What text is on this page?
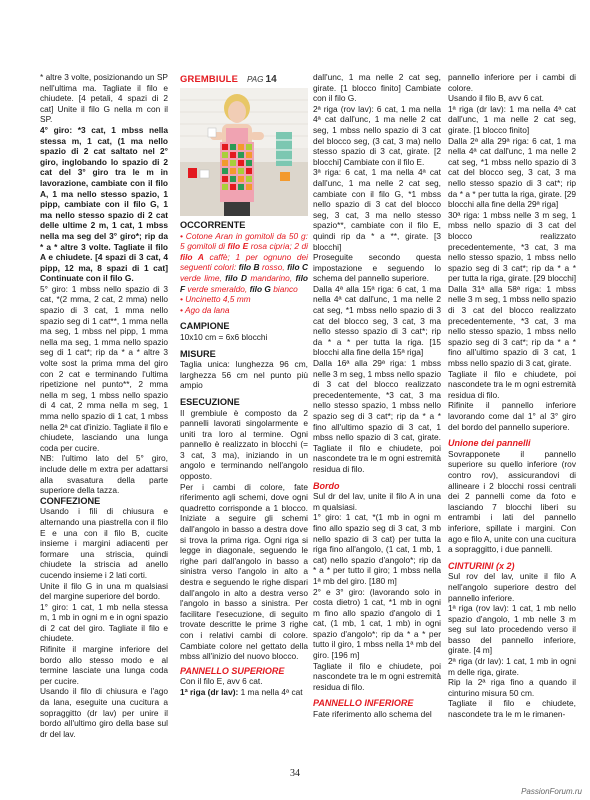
* altre 3 volte, posizionando un SP nell'ultima ma. Tagliate il filo e chiudete. [4 petali, 4 spazi di 2 cat] Unite il filo G nella m con il SP.

4° giro: *3 cat, 1 mbss nella stessa m, 1 cat, (1 ma nello spazio di 2 cat saltato nel 2° giro, inglobando lo spazio di 2 cat del 3° giro tra le m in lavorazione, cambiate con il filo A, 1 ma nello stesso spazio, 1 pipp, cambiate con il filo G, 1 ma nello stesso spazio di 2 cat delle ultime 2 m, 1 cat, 1 mbss nella ma seg del 3° giro*; rip da * a * altre 3 volte. Tagliate il filo A e chiudete. [4 spazi di 3 cat, 4 pipp, 12 ma, 8 spazi di 1 cat] Continuate con il filo G.

5° giro: 1 mbss nello spazio di 3 cat, *(2 mma, 2 cat, 2 mma) nello spazio di 3 cat, 1 mma nello spazio seg di 1 cat**, 1 mma nella ma seg, 1 mbss nel pipp, 1 mma nella ma seg, 1 mma nello spazio seg di 1 cat*; rip da * a * altre 3 volte sost la prima mma del giro con 2 cat e terminando l'ultima ripetizione nel punto**, 2 mma nella m seg, 1 mbss nello spazio di 4 cat, 2 mma nella m seg, 1 mma nello spazio di 1 cat, 1 mbss nella 2ª cat d'inizio. Tagliate il filo e chiudete, lasciando una lunga coda per cucire.

NB: l'ultimo lato del 5° giro, include delle m extra per adattarsi alla svasatura della parte superiore della tazza.

CONFEZIONE

Usando i fili di chiusura e alternando una piastrella con il filo E e una con il filo B, cucite insieme i margini adiacenti per formare una striscia, quindi chiudete la striscia ad anello cucendo insieme i 2 lati corti.

Unite il filo G in una m qualsiasi del margine superiore del bordo.

1° giro: 1 cat, 1 mb nella stessa m, 1 mb in ogni m e in ogni spazio di 2 cat del giro. Tagliate il filo e chiudete.

Rifinite il margine inferiore del bordo allo stesso modo e al termine lasciate una lunga coda per cucire.

Usando il filo di chiusura e l'ago da lana, eseguite una cucitura a sopraggitto (dr lav) per unire il bordo all'ultimo giro della base sul dr del lav.

GREMBIULE PAG 14

OCCORRENTE

• Cotone Aran in gomitoli da 50 g: 5 gomitoli di filo E rosa cipria; 2 di filo A caffè; 1 per ognuno dei seguenti colori: filo B rosso, filo C verde lime, filo D mandarino, filo F verde smeraldo, filo G bianco

• Uncinetto 4,5 mm

• Ago da lana

CAMPIONE

10x10 cm = 6x6 blocchi

MISURE

Taglia unica: lunghezza 96 cm, larghezza 56 cm nel punto più ampio

ESECUZIONE

Il grembiule è composto da 2 pannelli lavorati singolarmente e uniti tra loro al termine. Ogni pannello è realizzato in blocchi (= 3 cat, 3 ma), iniziando in un angolo e terminando nell'angolo opposto.

Per i cambi di colore, fate riferimento agli schemi, dove ogni quadretto corrisponde a 1 blocco. Iniziate a seguire gli schemi dall'angolo in basso a destra dove si trova la prima riga. Ogni riga si legge in diagonale, seguendo le righe pari dall'angolo in basso a sinistra verso l'angolo in alto a destra e seguendo le righe dispari dall'angolo in alto a destra verso l'angolo in basso a sinistra. Per facilitare l'esecuzione, di seguito trovate descritte le prime 3 righe con i relativi cambi di colore. Cambiate colore nel gettato della mbss all'inizio del nuovo blocco.

PANNELLO SUPERIORE

Con il filo E, avv 6 cat.

1ª riga (dr lav): 1 ma nella 4ª cat

dall'unc, 1 ma nelle 2 cat seg, girate. [1 blocco finito] Cambiate con il filo G.

2ª riga (rov lav): 6 cat, 1 ma nella 4ª cat dall'unc, 1 ma nelle 2 cat seg, 1 mbss nello spazio di 3 cat del blocco seg, (3 cat, 3 ma) nello stesso spazio di 3 cat, girate. [2 blocchi] Cambiate con il filo E.

3ª riga: 6 cat, 1 ma nella 4ª cat dall'unc, 1 ma nelle 2 cat seg, cambiate con il filo G, *1 mbss nello spazio di 3 cat del blocco seg, 3 cat, 3 ma nello stesso spazio**, cambiate con il filo E, quindi rip da * a **, girate. [3 blocchi]

Proseguite secondo questa impostazione e seguendo lo schema del pannello superiore.

Dalla 4ª alla 15ª riga: 6 cat, 1 ma nella 4ª cat dall'unc, 1 ma nelle 2 cat seg, *1 mbss nello spazio di 3 cat del blocco seg, 3 cat, 3 ma nello stesso spazio di 3 cat*; rip da * a * per tutta la riga. [15 blocchi alla fine della 15ª riga]

Dalla 16ª alla 29ª riga: 1 mbss nelle 3 m seg, 1 mbss nello spazio di 3 cat del blocco realizzato precedentemente, *3 cat, 3 ma nello stesso spazio, 1 mbss nello spazio seg di 3 cat*; rip da * a * fino all'ultimo spazio di 3 cat, 1 mbss nello spazio di 3 cat, girate. Tagliate il filo e chiudete, poi nascondete tra le m ogni estremità residua di filo.

Bordo

Sul dr del lav, unite il filo A in una m qualsiasi.

1° giro: 1 cat, *(1 mb in ogni m fino allo spazio seg di 3 cat, 3 mb nello spazio di 3 cat) per tutta la riga fino all'angolo, (1 cat, 1 mb, 1 cat) nello spazio d'angolo*; rip da * a * per tutto il giro; 1 mbss nella 1ª mb del giro. [180 m]

2° e 3° giro: (lavorando solo in costa dietro) 1 cat, *1 mb in ogni m fino allo spazio d'angolo di 1 cat, (1 mb, 1 cat, 1 mb) in ogni spazio d'angolo*; rip da * a * per tutto il giro, 1 mbss nella 1ª mb del giro. [196 m]

Tagliate il filo e chiudete, poi nascondete tra le m ogni estremità residua di filo.

PANNELLO INFERIORE

Fate riferimento allo schema del

pannello inferiore per i cambi di colore.

Usando il filo B, avv 6 cat.

1ª riga (dr lav): 1 ma nella 4ª cat dall'unc, 1 ma nelle 2 cat seg, girate. [1 blocco finito]

Dalla 2ª alla 29ª riga: 6 cat, 1 ma nella 4ª cat dall'unc, 1 ma nelle 2 cat seg, *1 mbss nello spazio di 3 cat del blocco seg, 3 cat, 3 ma nello stesso spazio di 3 cat*; rip da * a * per tutta la riga, girate. [29 blocchi alla fine della 29ª riga]

30ª riga: 1 mbss nelle 3 m seg, 1 mbss nello spazio di 3 cat del blocco realizzato precedentemente, *3 cat, 3 ma nello stesso spazio, 1 mbss nello spazio seg di 3 cat*; rip da * a * per tutta la riga, girate. [29 blocchi]

Dalla 31ª alla 58ª riga: 1 mbss nelle 3 m seg, 1 mbss nello spazio di 3 cat del blocco realizzato precedentemente, *3 cat, 3 ma nello stesso spazio, 1 mbss nello spazio seg di 3 cat*; rip da * a * fino all'ultimo spazio di 3 cat, 1 mbss nello spazio di 3 cat, girate.

Tagliate il filo e chiudete, poi nascondete tra le m ogni estremità residua di filo.

Rifinite il pannello inferiore lavorando come dal 1° al 3° giro del bordo del pannello superiore.

Unione dei pannelli

Sovrapponete il pannello superiore su quello inferiore (rov contro rov), assicurandovi di allineare i 2 blocchi rossi centrali dei 2 pannelli come da foto e lasciando 7 blocchi liberi su entrambi i lati del pannello inferiore, spillate i margini. Con ago e filo A, unite con una cucitura a sopraggitto, i due pannelli.

CINTURINI (x 2)

Sul rov del lav, unite il filo A nell'angolo superiore destro del pannello inferiore.

1ª riga (rov lav): 1 cat, 1 mb nello spazio d'angolo, 1 mb nelle 3 m seg sul lato procedendo verso il basso del pannello inferiore, girate. [4 m]

2ª riga (dr lav): 1 cat, 1 mb in ogni m delle riga, girate.

Rip la 2ª riga fino a quando il cinturino misura 50 cm.

Tagliate il filo e chiudete, nascondete tra le m le rimanen-

34
PassionForum.ru
